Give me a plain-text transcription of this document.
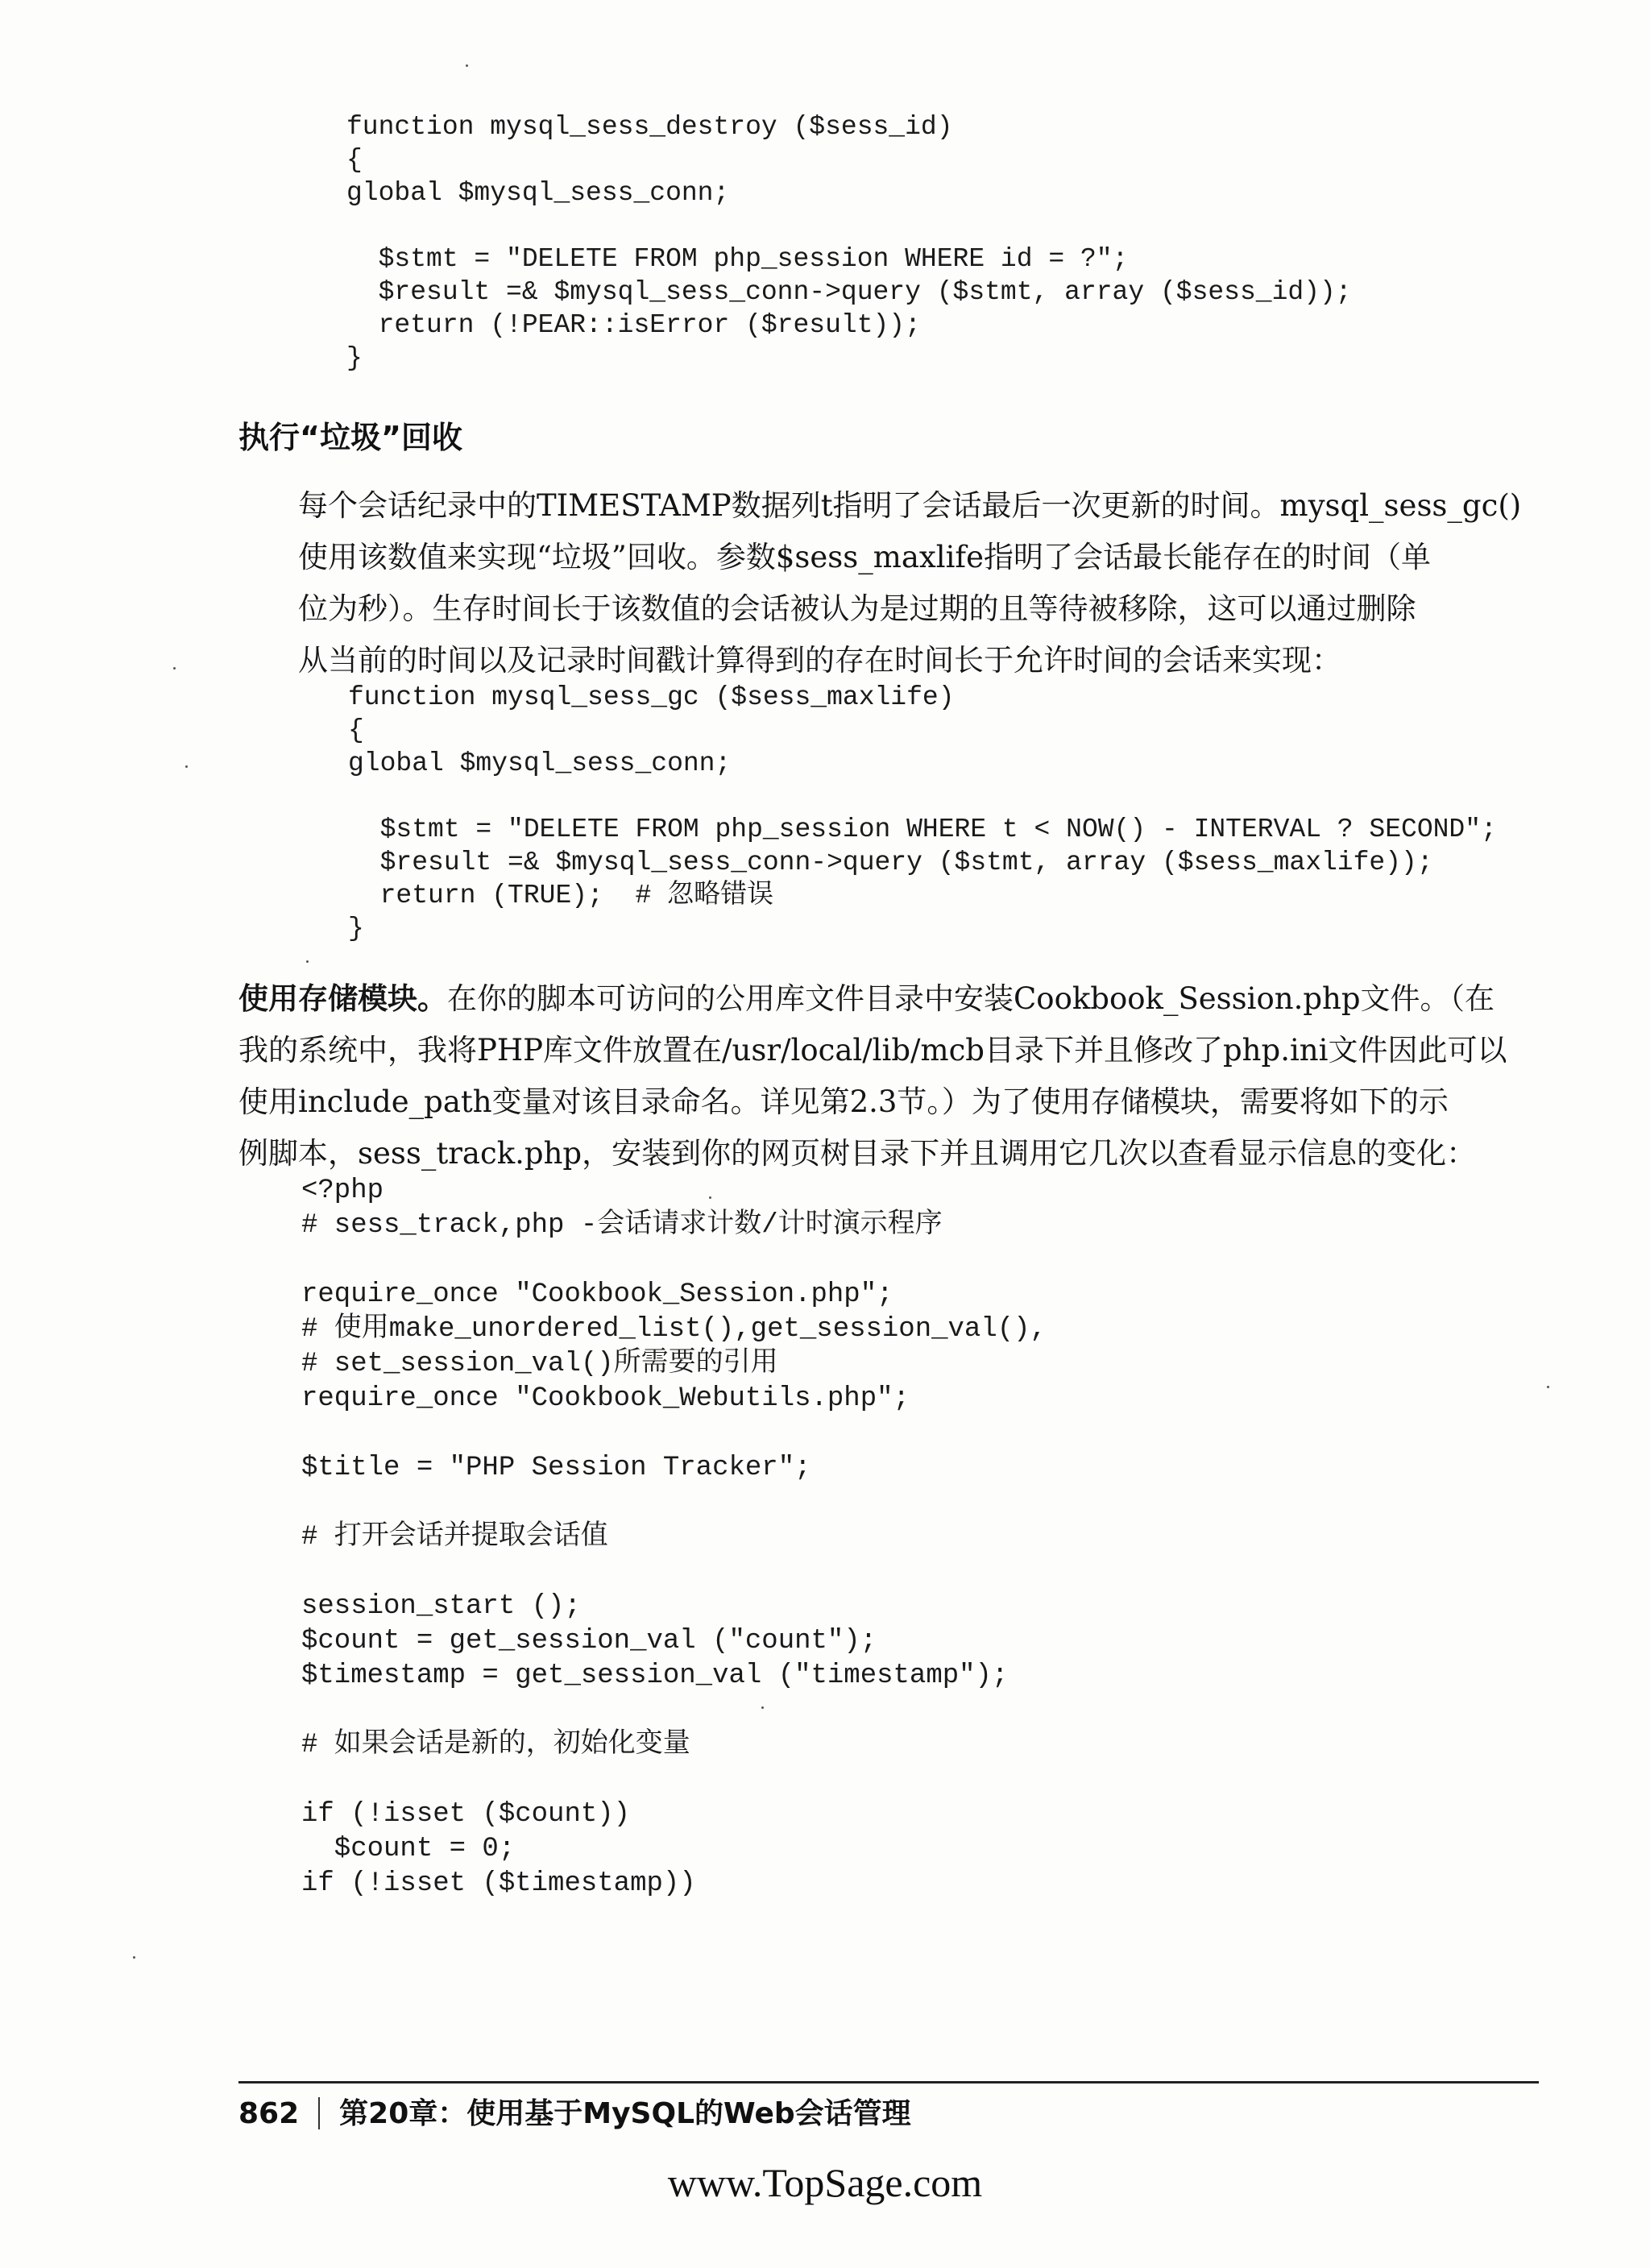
function mysql_sess_destroy ($sess_id)
{
global $mysql_sess_conn;
$stmt = "DELETE FROM php_session WHERE id = ?";
$result =& $mysql_sess_conn->query ($stmt, array ($sess_id));
return (!PEAR::isError ($result));
}
执行“垃圾”回收
每个会话纪录中的TIMESTAMP数据列t指明了会话最后一次更新的时间。mysql_sess_gc()
使用该数值来实现“垃圾”回收。参数$sess_maxlife指明了会话最长能存在的时间（单
位为秒）。生存时间长于该数值的会话被认为是过期的且等待被移除，这可以通过删除
从当前的时间以及记录时间戳计算得到的存在时间长于允许时间的会话来实现：
function mysql_sess_gc ($sess_maxlife)
{
global $mysql_sess_conn;
$stmt = "DELETE FROM php_session WHERE t < NOW() - INTERVAL ? SECOND";
$result =& $mysql_sess_conn->query ($stmt, array ($sess_maxlife));
return (TRUE);  # 忽略错误
}
使用存储模块。在你的脚本可访问的公用库文件目录中安装Cookbook_Session.php文件。（在
我的系统中，我将PHP库文件放置在/usr/local/lib/mcb目录下并且修改了php.ini文件因此可以
使用include_path变量对该目录命名。详见第2.3节。）为了使用存储模块，需要将如下的示
例脚本，sess_track.php，安装到你的网页树目录下并且调用它几次以查看显示信息的变化：
<?php
# sess_track,php -会话请求计数/计时演示程序
require_once "Cookbook_Session.php";
# 使用make_unordered_list(),get_session_val(),
# set_session_val()所需要的引用
require_once "Cookbook_Webutils.php";
$title = "PHP Session Tracker";
# 打开会话并提取会话值
session_start ();
$count = get_session_val ("count");
$timestamp = get_session_val ("timestamp");
# 如果会话是新的，初始化变量
if (!isset ($count))
$count = 0;
if (!isset ($timestamp))
862 第20章：使用基于MySQL的Web会话管理
www.TopSage.com
